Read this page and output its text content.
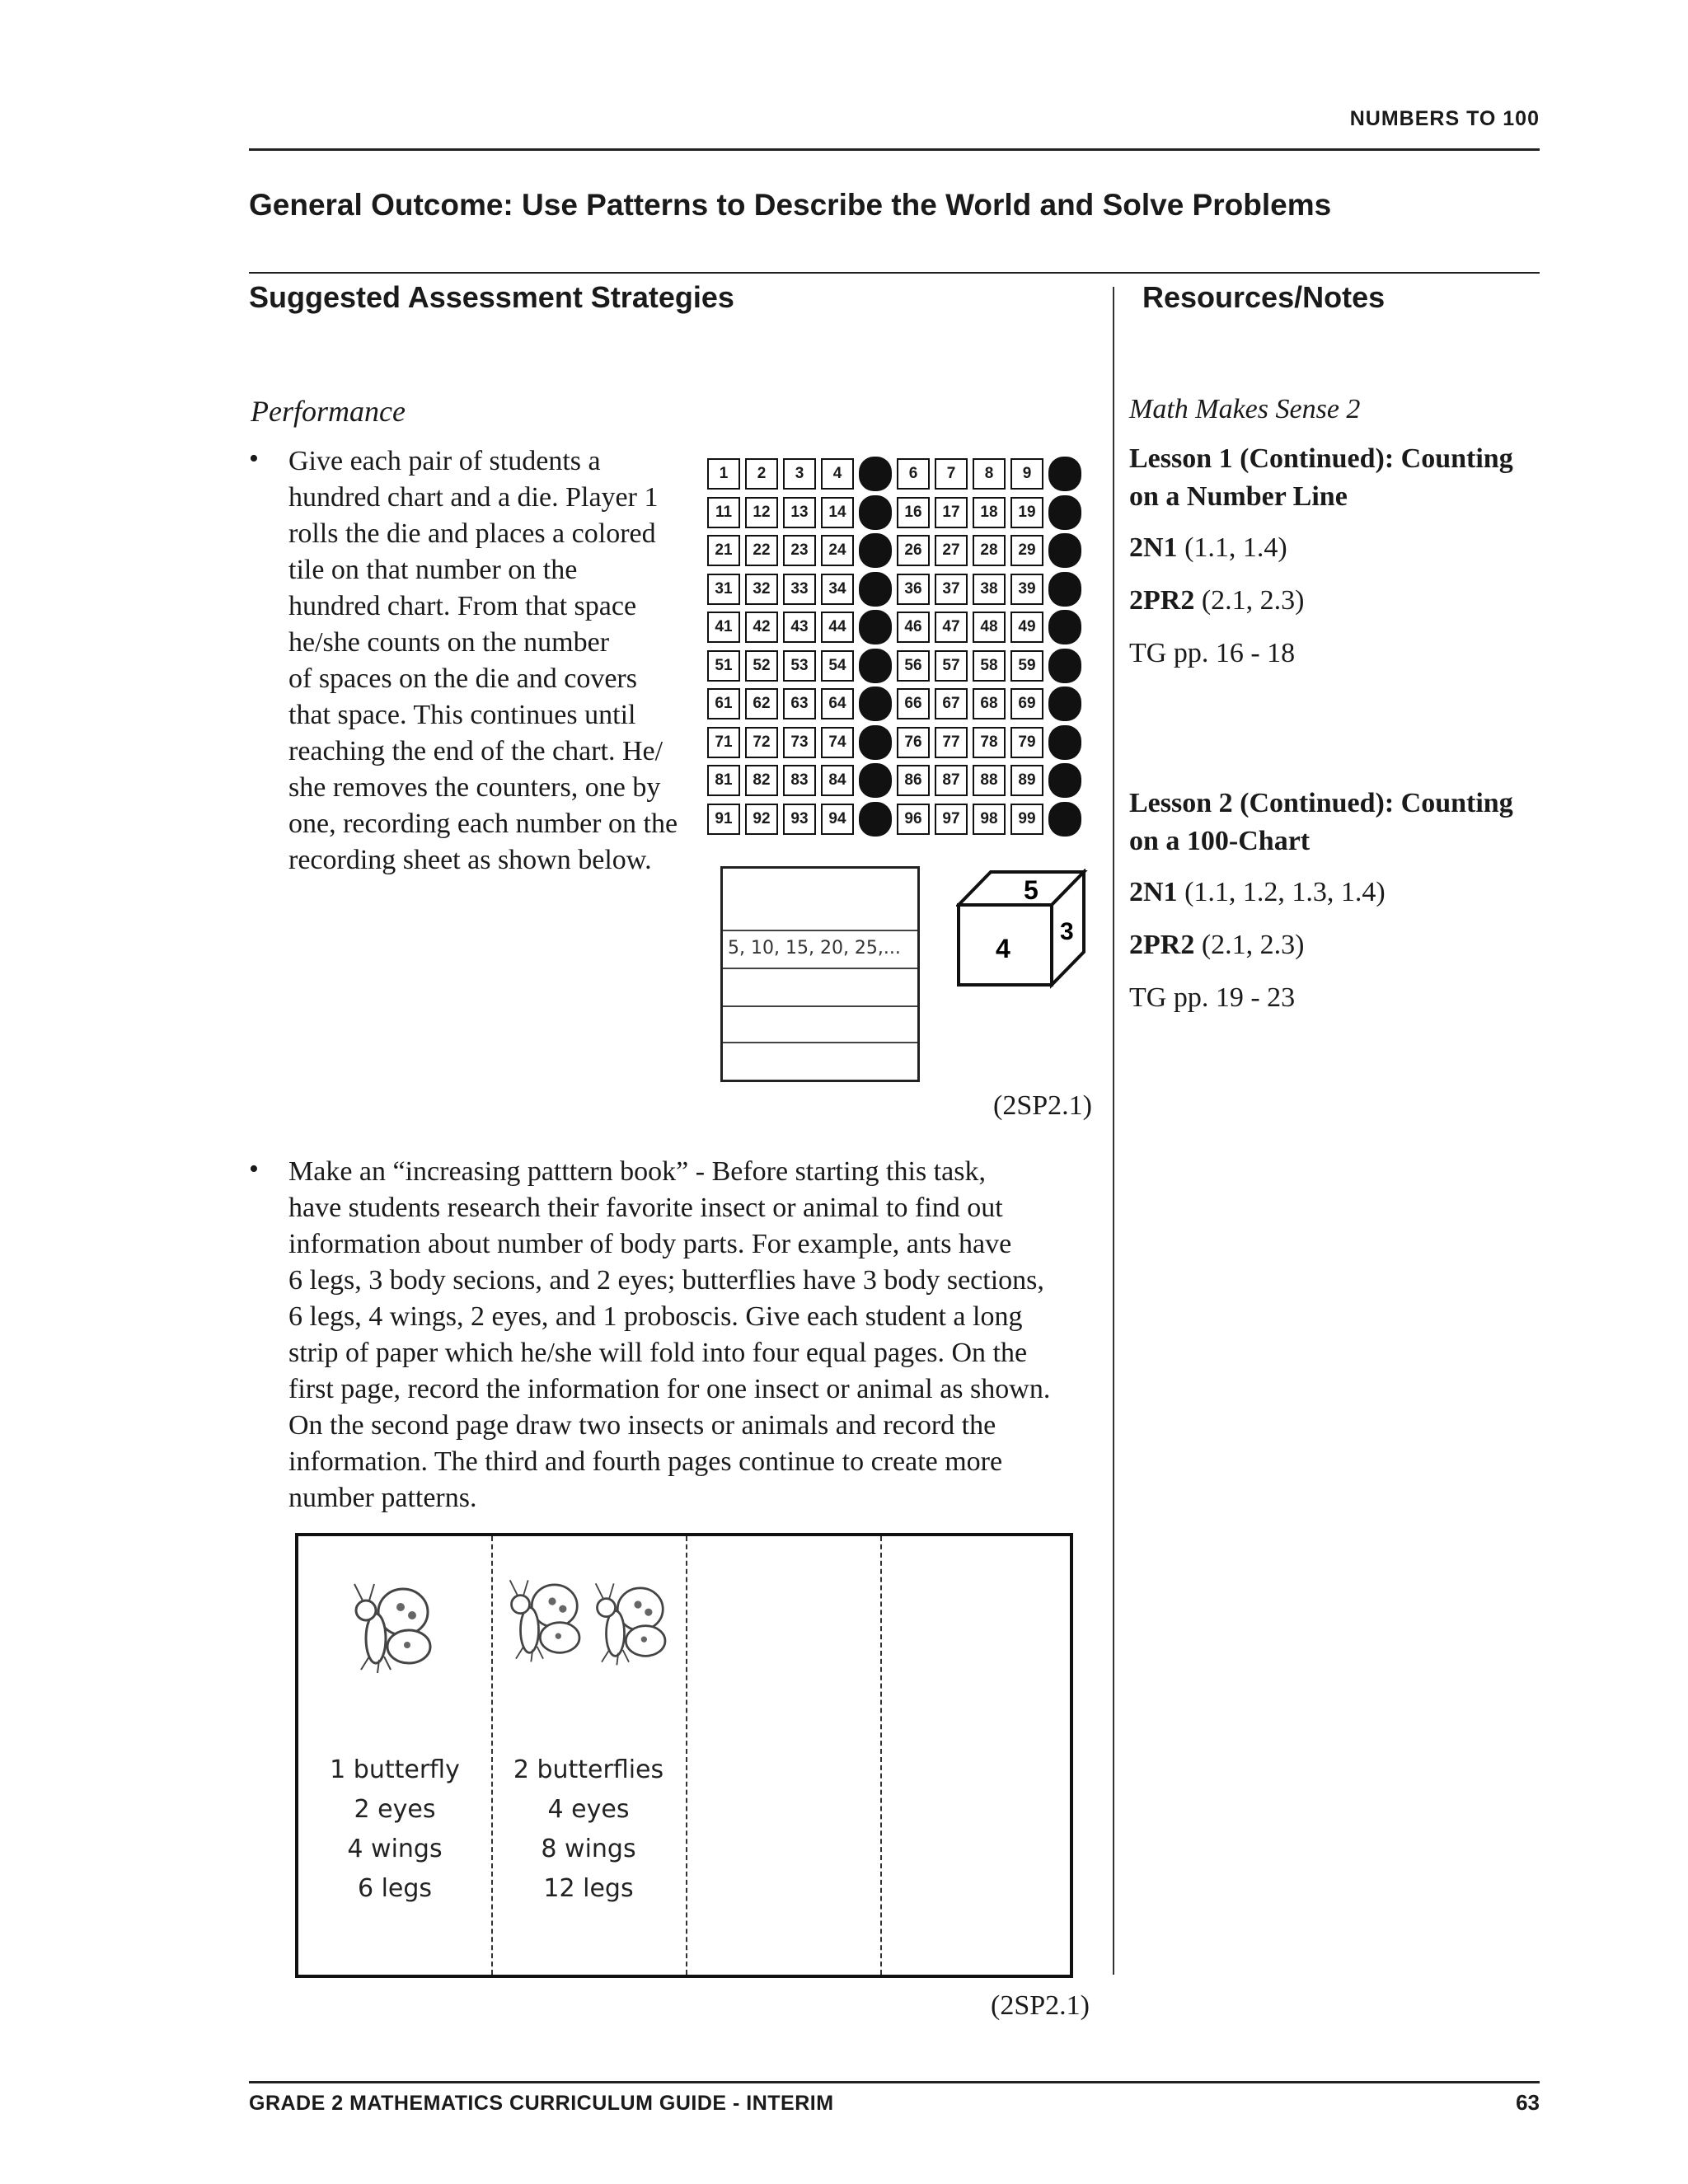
NUMBERS TO 100
General Outcome: Use Patterns to Describe the World and Solve Problems
Suggested Assessment Strategies	Resources/Notes
Performance
• Give each pair of students a
hundred chart and a die. Player 1
rolls the die and places a colored
tile on that number on the
hundred chart. From that space
he/she counts on the number
of spaces on the die and covers
that space. This continues until
reaching the end of the chart. He/
she removes the counters, one by
one, recording each number on the
recording sheet as shown below.
1	2	3	4	6	7	8	9
11	12	13	14	16	17	18	19
21	22	23	24	26	27	28	29
31	32	33	34	36	37	38	39
41	42	43	44	46	47	48	49
51	52	53	54	56	57	58	59
61	62	63	64	66	67	68	69
71	72	73	74	76	77	78	79
81	82	83	84	86	87	88	89
91	92	93	94	96	97	98	99
5, 10, 15, 20, 25,...
5
4
3
(2SP2.1)
• Make an “increasing patttern book” - Before starting this task,
have students research their favorite insect or animal to find out
information about number of body parts. For example, ants have
6 legs, 3 body secions, and 2 eyes; butterflies have 3 body sections,
6 legs, 4 wings, 2 eyes, and 1 proboscis. Give each student a long
strip of paper which he/she will fold into four equal pages. On the
first page, record the information for one insect or animal as shown.
On the second page draw two insects or animals and record the
information. The third and fourth pages continue to create more
number patterns.
1 butterfly
2 eyes
4 wings
6 legs
2 butterflies
4 eyes
8 wings
12 legs
(2SP2.1)
Math Makes Sense 2
Lesson 1 (Continued): Counting
on a Number Line
2N1 (1.1, 1.4)
2PR2 (2.1, 2.3)
TG pp. 16 - 18
Lesson 2 (Continued): Counting
on a 100-Chart
2N1 (1.1, 1.2, 1.3, 1.4)
2PR2 (2.1, 2.3)
TG pp. 19 - 23
GRADE 2 MATHEMATICS CURRICULUM GUIDE - INTERIM	63
